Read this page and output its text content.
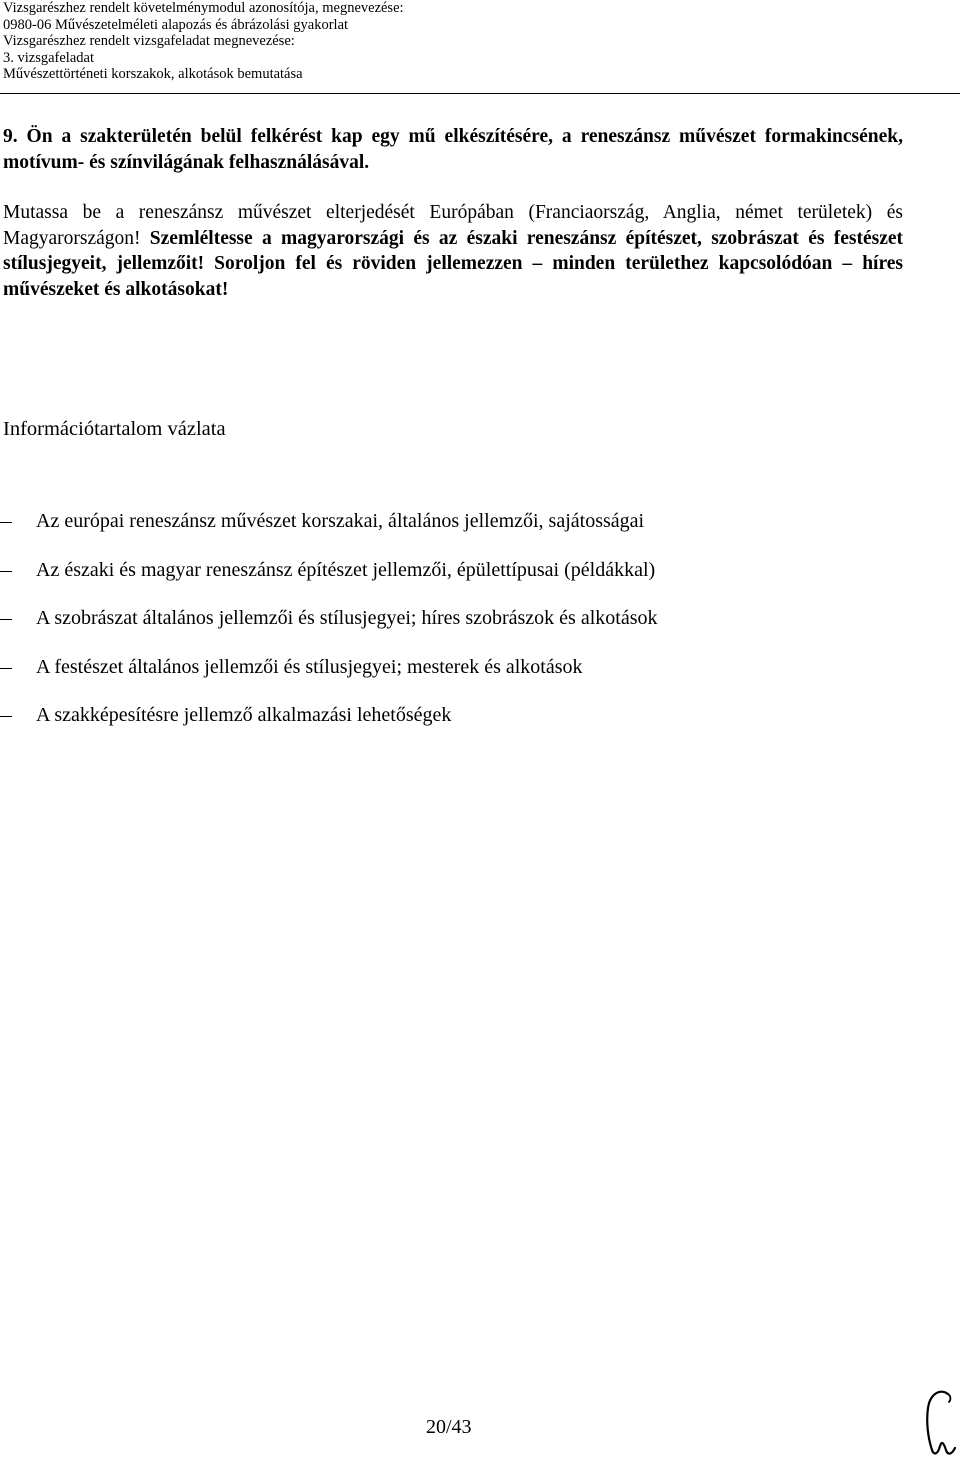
Vizsgarészhez rendelt követelménymodul azonosítója, megnevezése:
0980-06 Művészetelméleti alapozás és ábrázolási gyakorlat
Vizsgarészhez rendelt vizsgafeladat megnevezése:
3. vizsgafeladat
Művészettörténeti korszakok, alkotások bemutatása

9. Ön a szakterületén belül felkérést kap egy mű elkészítésére, a reneszánsz művészet formakincsének, motívum- és színvilágának felhasználásával.

Mutassa be a reneszánsz művészet elterjedését Európában (Franciaország, Anglia, német területek) és Magyarországon! Szemléltesse a magyarországi és az északi reneszánsz építészet, szobrászat és festészet stílusjegyeit, jellemzőit! Soroljon fel és röviden jellemezzen – minden területhez kapcsolódóan – híres művészeket és alkotásokat!

Információtartalom vázlata
Az európai reneszánsz művészet korszakai, általános jellemzői, sajátosságai
Az északi és magyar reneszánsz építészet jellemzői, épülettípusai (példákkal)
A szobrászat általános jellemzői és stílusjegyei; híres szobrászok és alkotások
A festészet általános jellemzői és stílusjegyei; mesterek és alkotások
A szakképesítésre jellemző alkalmazási lehetőségek
20/43
